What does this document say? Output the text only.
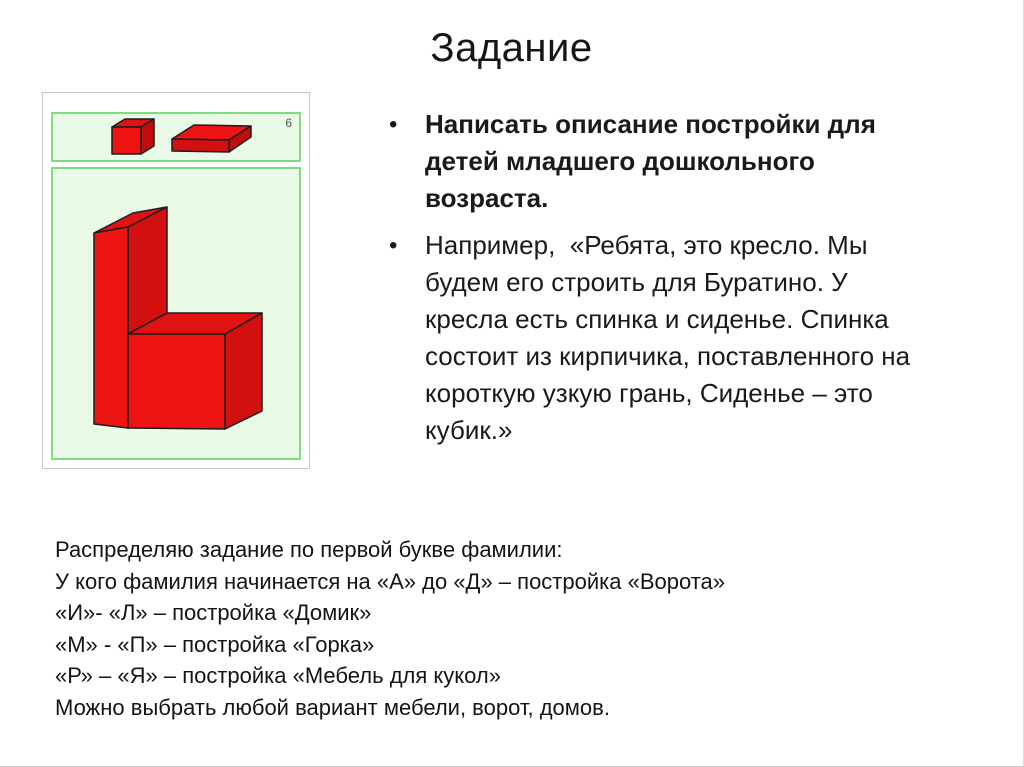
Задание
6	•	Написать описание постройки для детей младшего дошкольного возраста.
•	Например,  «Ребята, это кресло. Мы будем его строить для Буратино. У кресла есть спинка и сиденье. Спинка состоит из кирпичика, поставленного на короткую узкую грань, Сиденье – это кубик.»
Распределяю задание по первой букве фамилии:
У кого фамилия начинается на «А» до «Д» – постройка «Ворота»
«И»- «Л» – постройка «Домик»
«М» - «П» – постройка «Горка»
«Р» – «Я» – постройка «Мебель для кукол»
Можно выбрать любой вариант мебели, ворот, домов.
